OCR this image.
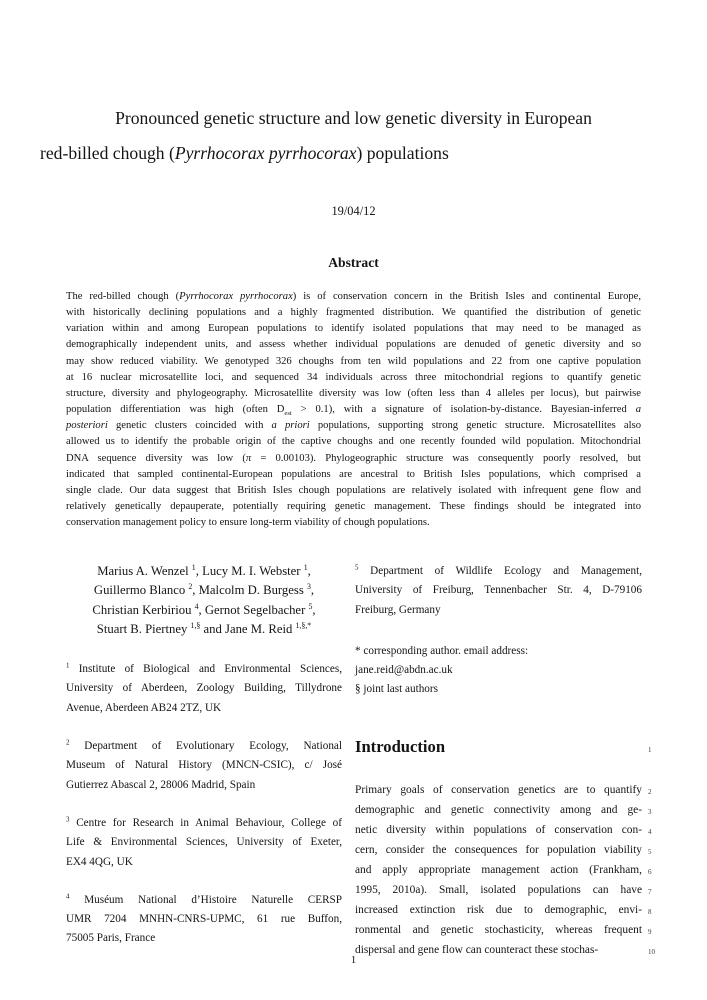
Pronounced genetic structure and low genetic diversity in European
red-billed chough (Pyrrhocorax pyrrhocorax) populations
19/04/12
Abstract
The red-billed chough (Pyrrhocorax pyrrhocorax) is of conservation concern in the British Isles and continental Europe,
with historically declining populations and a highly fragmented distribution. We quantified the distribution of genetic
variation within and among European populations to identify isolated populations that may need to be managed as
demographically independent units, and assess whether individual populations are denuded of genetic diversity and so
may show reduced viability. We genotyped 326 choughs from ten wild populations and 22 from one captive population
at 16 nuclear microsatellite loci, and sequenced 34 individuals across three mitochondrial regions to quantify genetic
structure, diversity and phylogeography. Microsatellite diversity was low (often less than 4 alleles per locus), but pairwise
population differentiation was high (often $D_{est} > 0.1$), with a signature of isolation-by-distance. Bayesian-inferred a
posteriori genetic clusters coincided with a priori populations, supporting strong genetic structure. Microsatellites also
allowed us to identify the probable origin of the captive choughs and one recently founded wild population. Mitochondrial
DNA sequence diversity was low (π = 0.00103). Phylogeographic structure was consequently poorly resolved, but
indicated that sampled continental-European populations are ancestral to British Isles populations, which comprised a
single clade. Our data suggest that British Isles chough populations are relatively isolated with infrequent gene flow and
relatively genetically depauperate, potentially requiring genetic management. These findings should be integrated into
conservation management policy to ensure long-term viability of chough populations.
Marius A. Wenzel $^1$, Lucy M. I. Webster $^1$,
Guillermo Blanco $^2$, Malcolm D. Burgess $^3$,
Christian Kerbiriou $^4$, Gernot Segelbacher $^5$,
Stuart B. Piertney $^{1,\S}$ and Jane M. Reid $^{1,\S,*}$
$^1$ Institute of Biological and Environmental Sciences,
University of Aberdeen, Zoology Building, Tillydrone
Avenue, Aberdeen AB24 2TZ, UK
$^2$ Department of Evolutionary Ecology, National
Museum of Natural History (MNCN-CSIC), c/ José
Gutierrez Abascal 2, 28006 Madrid, Spain
$^3$ Centre for Research in Animal Behaviour, College of
Life & Environmental Sciences, University of Exeter,
EX4 4QG, UK
$^4$ Muséum National d’Histoire Naturelle CERSP
UMR 7204 MNHN-CNRS-UPMC, 61 rue Buffon,
75005 Paris, France
$^5$ Department of Wildlife Ecology and Management,
University of Freiburg, Tennenbacher Str. 4, D-79106
Freiburg, Germany
* corresponding author. email address:
jane.reid@abdn.ac.uk
§ joint last authors
Introduction
Primary goals of conservation genetics are to quantify
demographic and genetic connectivity among and ge-
netic diversity within populations of conservation con-
cern, consider the consequences for population viability
and apply appropriate management action (Frankham,
1995, 2010a). Small, isolated populations can have
increased extinction risk due to demographic, envi-
ronmental and genetic stochasticity, whereas frequent
dispersal and gene flow can counteract these stochas-
1
2
3
4
5
6
7
8
9
10
1
